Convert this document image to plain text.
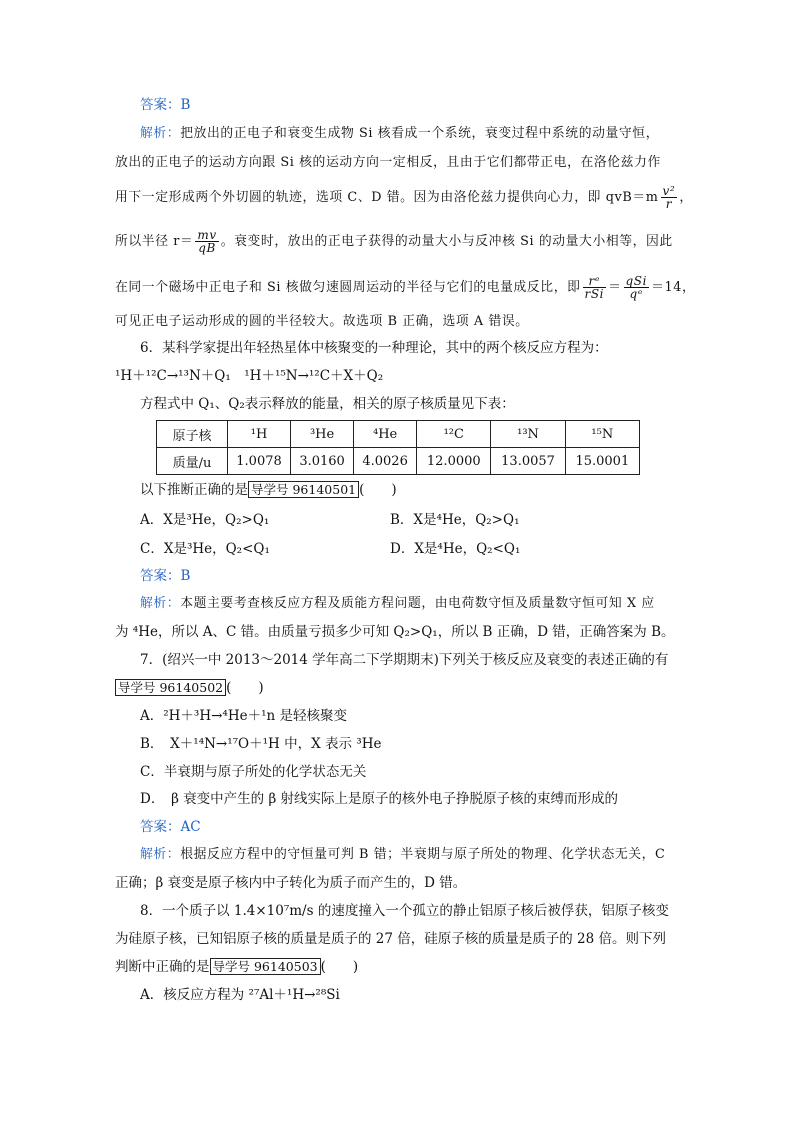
答案：B
解析：把放出的正电子和衰变生成物 Si 核看成一个系统，衰变过程中系统的动量守恒，
放出的正电子的运动方向跟 Si 核的运动方向一定相反，且由于它们都带正电，在洛伦兹力作
用下一定形成两个外切圆的轨迹，选项 C、D 错。因为由洛伦兹力提供向心力，即 $qvB=m \frac{\text{v²}}{r}$ ，
所以半径 $r= \frac{mv}{qB}$ 。衰变时，放出的正电子获得的动量大小与反冲核 Si 的动量大小相等，因此
在同一个磁场中正电子和 Si 核做匀速圆周运动的半径与它们的电量成反比，即 $\frac{\text{rᵉ}}{\text{rSi}} = \frac{\text{qSi}}{\text{qᵉ}} =14$，
可见正电子运动形成的圆的半径较大。故选项 B 正确，选项 A 错误。
6．某科学家提出年轻热星体中核聚变的一种理论，其中的两个核反应方程为：
¹H＋¹²C→¹³N＋Q₁　¹H＋¹⁵N→¹²C＋X＋Q₂
方程式中 Q₁、Q₂表示释放的能量，相关的原子核质量见下表：
原子核	¹H	³He	⁴He	¹²C	¹³N	¹⁵N
质量/u	1.0078	3.0160	4.0026	12.0000	13.0057	15.0001
以下推断正确的是 导学号 96140501 (　　)
A．X是³He，Q₂>Q₁	B．X是⁴He，Q₂>Q₁
C．X是³He，Q₂<Q₁	D．X是⁴He，Q₂<Q₁
答案：B
解析：本题主要考查核反应方程及质能方程问题，由电荷数守恒及质量数守恒可知 X 应
为 ⁴He，所以 A、C 错。由质量亏损多少可知 Q₂>Q₁，所以 B 正确，D 错，正确答案为 B。
7．(绍兴一中 2013～2014 学年高二下学期期末)下列关于核反应及衰变的表述正确的有
导学号 96140502 (　　)
A．²H＋³H→⁴He＋¹n 是轻核聚变
B．　X＋¹⁴N→¹⁷O＋¹H 中，X 表示 ³He
C．半衰期与原子所处的化学状态无关
D．　β 衰变中产生的 β 射线实际上是原子的核外电子挣脱原子核的束缚而形成的
答案：AC
解析：根据反应方程中的守恒量可判 B 错；半衰期与原子所处的物理、化学状态无关，C
正确；β 衰变是原子核内中子转化为质子而产生的，D 错。
8．一个质子以 1.4×10⁷m/s 的速度撞入一个孤立的静止铝原子核后被俘获，铝原子核变
为硅原子核，已知铝原子核的质量是质子的 27 倍，硅原子核的质量是质子的 28 倍。则下列
判断中正确的是 导学号 96140503 (　　)
A．核反应方程为 ²⁷Al＋¹H→²⁸Si
